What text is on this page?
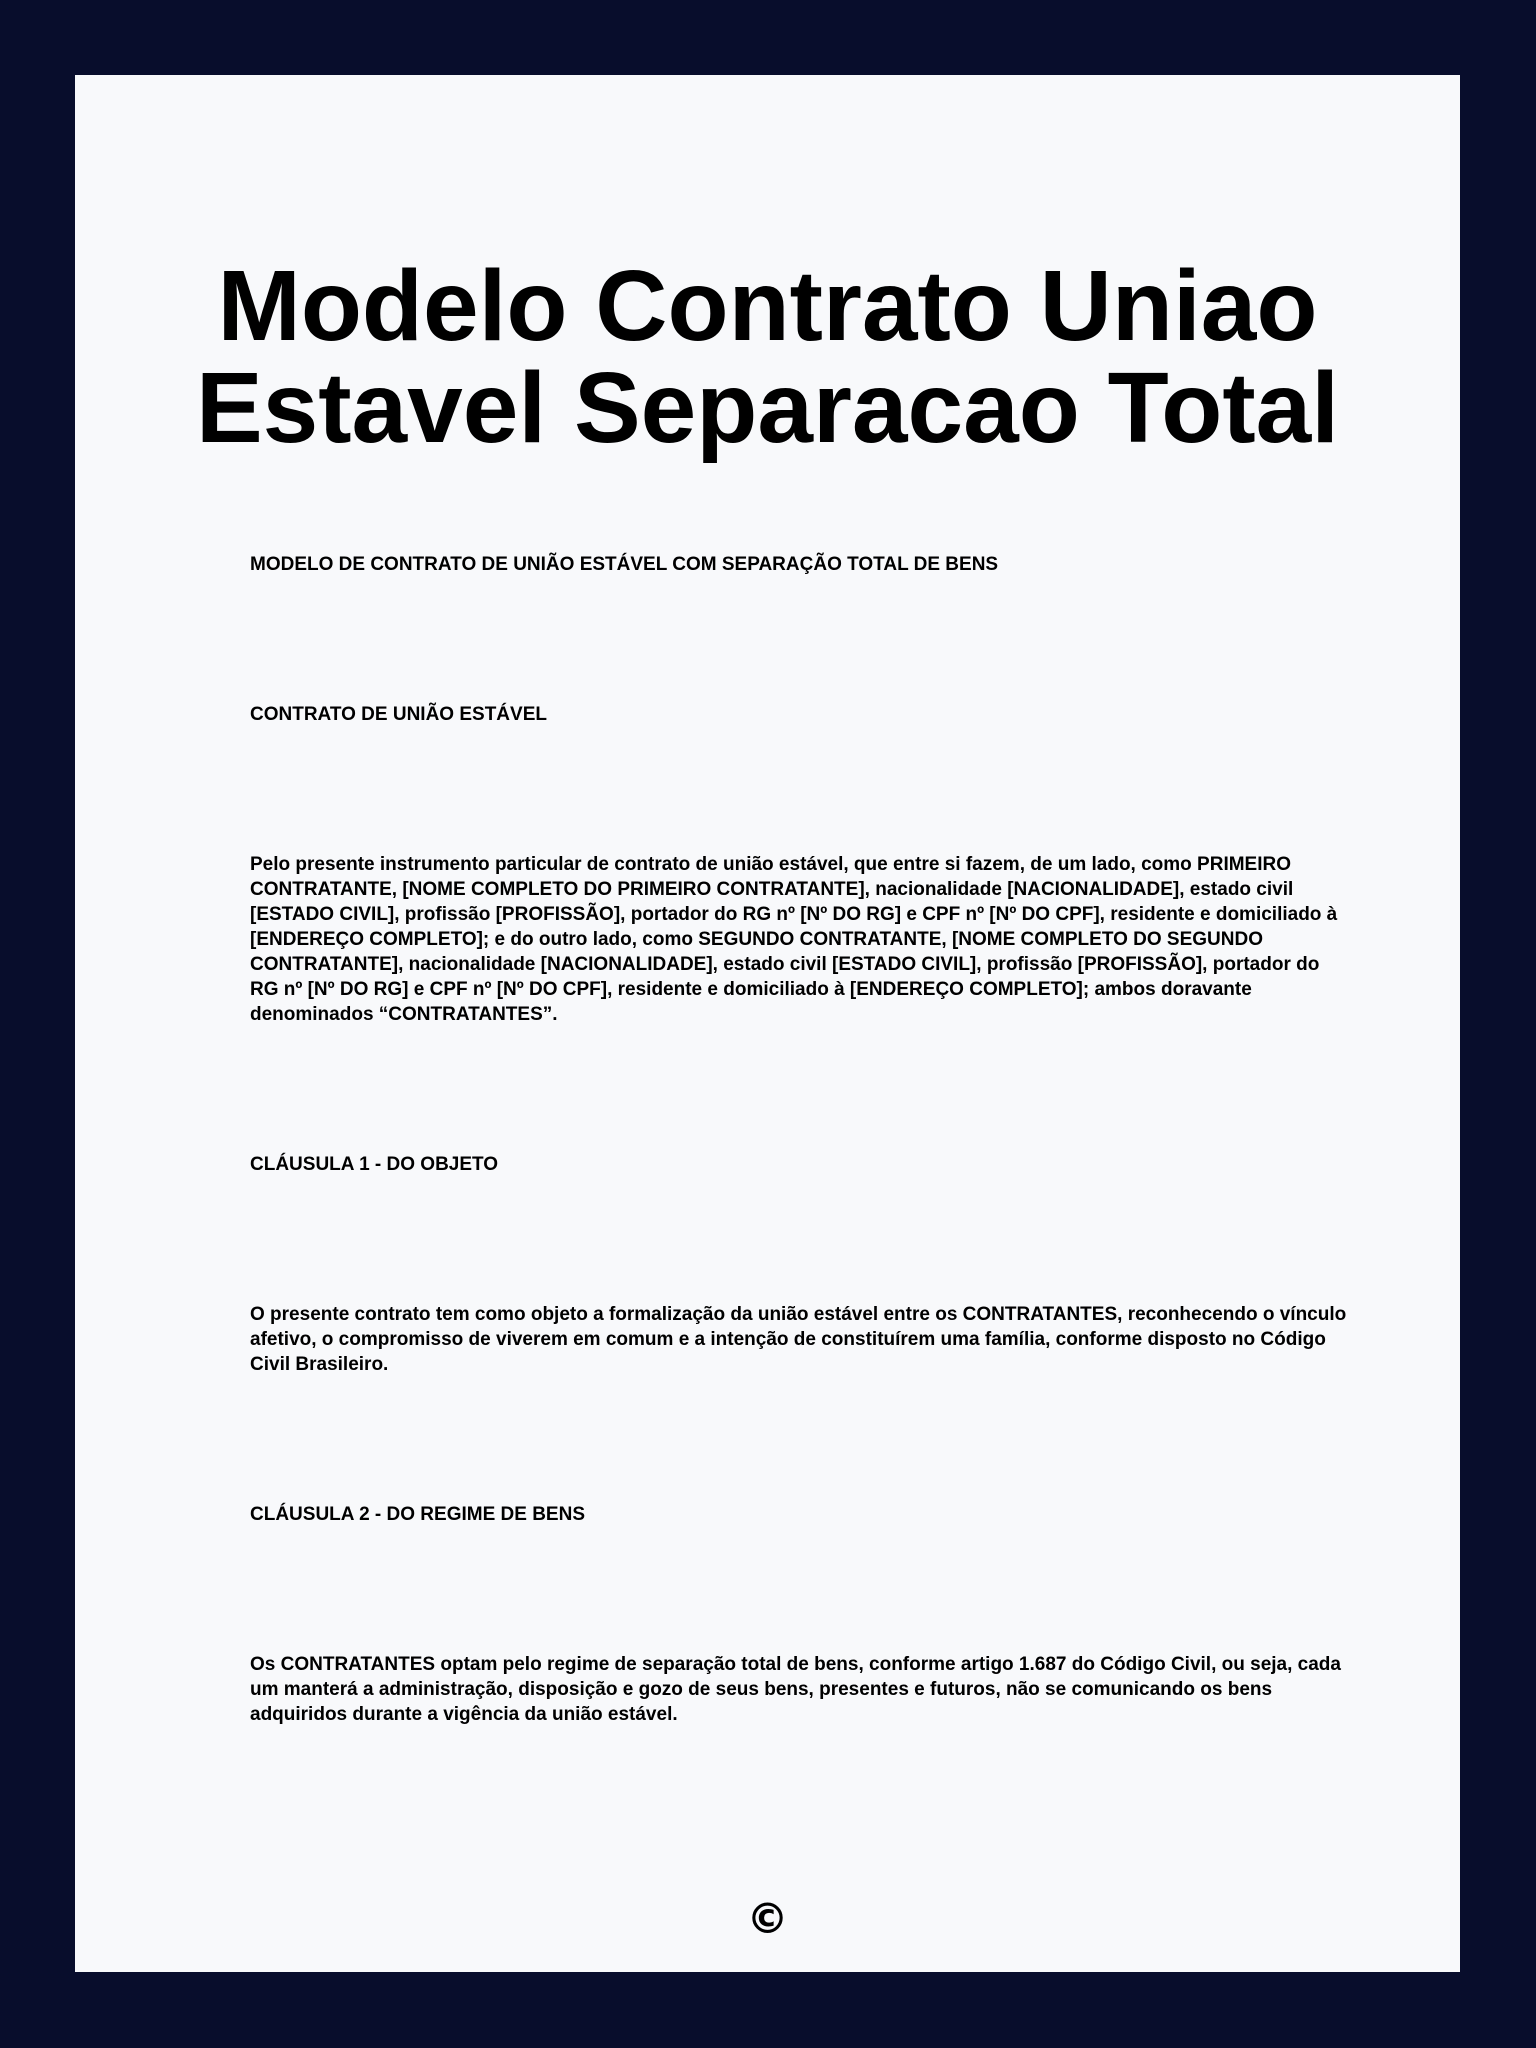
Modelo Contrato Uniao Estavel Separacao Total

MODELO DE CONTRATO DE UNIÃO ESTÁVEL COM SEPARAÇÃO TOTAL DE BENS

CONTRATO DE UNIÃO ESTÁVEL

Pelo presente instrumento particular de contrato de união estável, que entre si fazem, de um lado, como PRIMEIRO CONTRATANTE, [NOME COMPLETO DO PRIMEIRO CONTRATANTE], nacionalidade [NACIONALIDADE], estado civil [ESTADO CIVIL], profissão [PROFISSÃO], portador do RG nº [Nº DO RG] e CPF nº [Nº DO CPF], residente e domiciliado à [ENDEREÇO COMPLETO]; e do outro lado, como SEGUNDO CONTRATANTE, [NOME COMPLETO DO SEGUNDO CONTRATANTE], nacionalidade [NACIONALIDADE], estado civil [ESTADO CIVIL], profissão [PROFISSÃO], portador do RG nº [Nº DO RG] e CPF nº [Nº DO CPF], residente e domiciliado à [ENDEREÇO COMPLETO]; ambos doravante denominados “CONTRATANTES”.

CLÁUSULA 1 - DO OBJETO

O presente contrato tem como objeto a formalização da união estável entre os CONTRATANTES, reconhecendo o vínculo afetivo, o compromisso de viverem em comum e a intenção de constituírem uma família, conforme disposto no Código Civil Brasileiro.

CLÁUSULA 2 - DO REGIME DE BENS

Os CONTRATANTES optam pelo regime de separação total de bens, conforme artigo 1.687 do Código Civil, ou seja, cada um manterá a administração, disposição e gozo de seus bens, presentes e futuros, não se comunicando os bens adquiridos durante a vigência da união estável.

©
